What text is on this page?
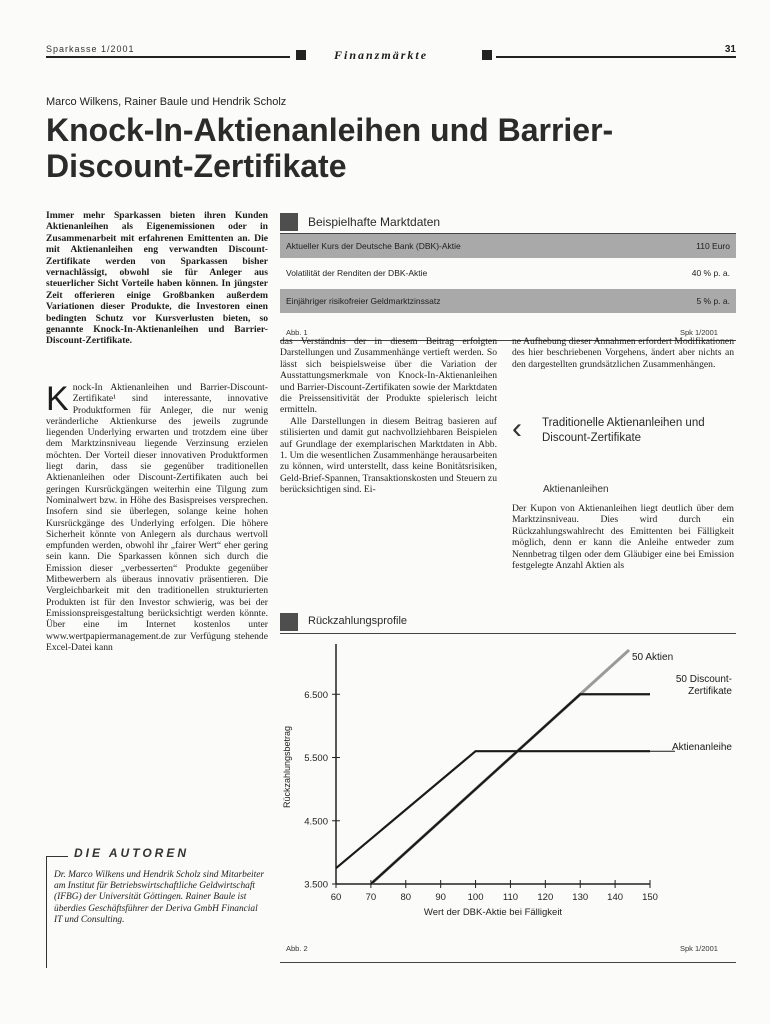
Sparkasse 1/2001	Finanzmärkte	31
Marco Wilkens, Rainer Baule und Hendrik Scholz
Knock-In-Aktienanleihen und Barrier-Discount-Zertifikate
Immer mehr Sparkassen bieten ihren Kunden Aktienanleihen als Eigenemissionen oder in Zusammenarbeit mit erfahrenen Emittenten an. Die mit Aktienanleihen eng verwandten Discount-Zertifikate werden von Sparkassen bisher vernachlässigt, obwohl sie für Anleger aus steuerlicher Sicht Vorteile haben können. In jüngster Zeit offerieren einige Großbanken außerdem Variationen dieser Produkte, die Investoren einen bedingten Schutz vor Kursverlusten bieten, so genannte Knock-In-Aktienanleihen und Barrier-Discount-Zertifikate.
K nock-In Aktienanleihen und Barrier-Discount-Zertifikate¹ sind interessante, innovative Produktformen für Anleger, die nur wenig veränderliche Aktienkurse des jeweils zugrunde liegenden Underlying erwarten und trotzdem eine über dem Marktzinsniveau liegende Verzinsung erzielen möchten. Der Vorteil dieser innovativen Produktformen liegt darin, dass sie gegenüber traditionellen Aktienanleihen oder Discount-Zertifikaten auch bei geringen Kursrückgängen weiterhin eine Tilgung zum Nominalwert bzw. in Höhe des Basispreises versprechen. Insofern sind sie überlegen, solange keine hohen Kursrückgänge des Underlying erfolgen. Die höhere Sicherheit könnte von Anlegern als durchaus wertvoll empfunden werden, obwohl ihr „fairer Wert“ eher gering sein kann. Die Sparkassen können sich durch die Emission dieser „verbesserten“ Produkte gegenüber Mitbewerbern als überaus innovativ präsentieren. Die Vergleichbarkeit mit den traditionellen strukturierten Produkten ist für den Investor schwierig, was bei der Emissionspreisgestaltung berücksichtigt werden könnte. Über eine im Internet kostenlos unter www.wertpapiermanagement.de zur Verfügung stehende Excel-Datei kann
Beispielhafte Marktdaten
Aktueller Kurs der Deutsche Bank (DBK)-Aktie	110 Euro
Volatilität der Renditen der DBK-Aktie	40 % p. a.
Einjähriger risikofreier Geldmarktzinssatz	5 % p. a.
Abb. 1	Spk 1/2001

das Verständnis der in diesem Beitrag erfolgten Darstellungen und Zusammenhänge vertieft werden. So lässt sich beispielsweise über die Variation der Ausstattungsmerkmale von Knock-In-Aktienanleihen und Barrier-Discount-Zertifikaten sowie der Marktdaten die Preissensitivität der Produkte spielerisch leicht ermitteln.

Alle Darstellungen in diesem Beitrag basieren auf stilisierten und damit gut nachvollziehbaren Beispielen auf Grundlage der exemplarischen Marktdaten in Abb. 1. Um die wesentlichen Zusammenhänge herausarbeiten zu können, wird unterstellt, dass keine Bonitätsrisiken, Geld-Brief-Spannen, Transaktionskosten und Steuern zu berücksichtigen sind. Ei-

ne Aufhebung dieser Annahmen erfordert Modifikationen des hier beschriebenen Vorgehens, ändert aber nichts an den dargestellten grundsätzlichen Zusammenhängen.

‹ Traditionelle Aktienanleihen und Discount-Zertifikate
Aktienanleihen

Der Kupon von Aktienanleihen liegt deutlich über dem Marktzinsniveau. Dies wird durch ein Rückzahlungswahlrecht des Emittenten bei Fälligkeit möglich, denn er kann die Anleihe entweder zum Nennbetrag tilgen oder dem Gläubiger eine bei Emission festgelegte Anzahl Aktien als

Rückzahlungsprofile
60	70	80	90 100 110 120 130 140 150
3.500
4.500
5.500
6.500
Wert der DBK-Aktie bei Fälligkeit
Rückzahlungsbetrag
50 Aktien
50 Discount-
Zertifikate
Aktienanleihe
Abb. 2	Spk 1/2001
DIE AUTOREN
Dr. Marco Wilkens und Hendrik Scholz sind Mitarbeiter am Institut für Betriebswirtschaftliche Geldwirtschaft (IFBG) der Universität Göttingen. Rainer Baule ist überdies Geschäftsführer der Deriva GmbH Financial IT und Consulting.
